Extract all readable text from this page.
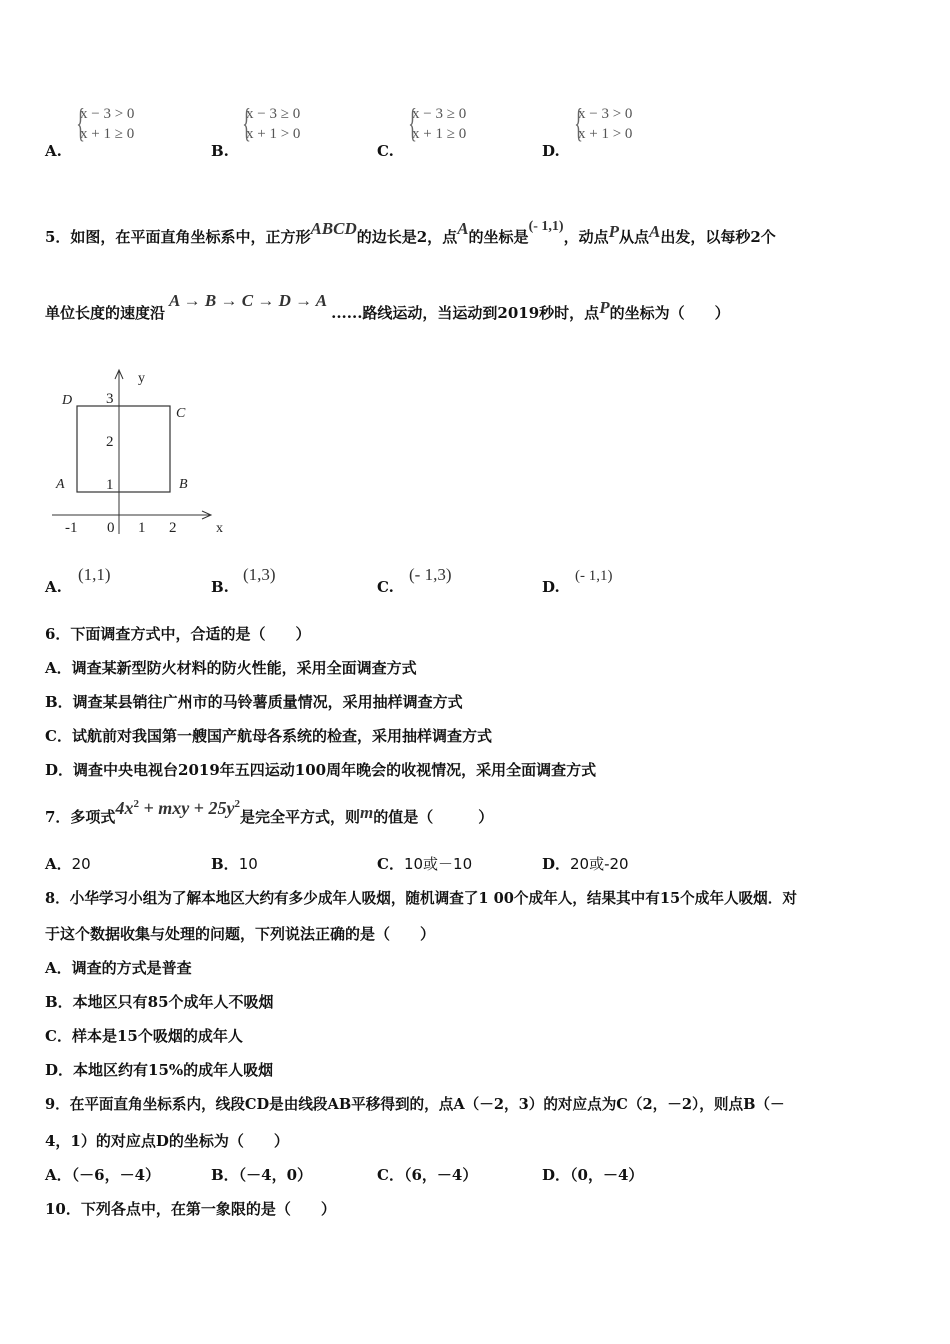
A.
{
x − 3 > 0
x + 1 ≥ 0
B.
{
x − 3 ≥ 0
x + 1 > 0
C.
{
x − 3 ≥ 0
x + 1 ≥ 0
D.
{
x − 3 > 0
x + 1 > 0
5．如图，在平面直角坐标系中，正方形ABCD的边长是2，点A的坐标是(- 1,1)，动点P从点A出发，以每秒2个
单位长度的速度沿A → B → C → D → A......路线运动，当运动到2019秒时，点P的坐标为（　　）
y
x
-1 0 1 2
1
2
3
A	B
C
D
A.
(1,1)
B.
(1,3)
C.
(- 1,3)
D.
(- 1,1)
6．下面调查方式中，合适的是（　　）
A．调查某新型防火材料的防火性能，采用全面调查方式
B．调查某县销往广州市的马铃薯质量情况，采用抽样调查方式
C．试航前对我国第一艘国产航母各系统的检查，采用抽样调查方式
D．调查中央电视台2019年五四运动100周年晚会的收视情况，采用全面调查方式
7．多项式$4x^2$ + mxy + $25y^2$是完全平方式，则m的值是（　　　）
A．20	B．10	C．10或－10	D．20或-20
8．小华学习小组为了解本地区大约有多少成年人吸烟，随机调查了1 00个成年人，结果其中有15个成年人吸烟．对
于这个数据收集与处理的问题，下列说法正确的是（　　）
A．调查的方式是普查
B．本地区只有85个成年人不吸烟
C．样本是15个吸烟的成年人
D．本地区约有15%的成年人吸烟
9．在平面直角坐标系内，线段CD是由线段AB平移得到的，点A（－2，3）的对应点为C（2，－2），则点B（－
4，1）的对应点D的坐标为（　　）
A．（－6，－4）	B．（－4，0）	C．（6，－4）	D．（0，－4）
10．下列各点中，在第一象限的是（　　）
